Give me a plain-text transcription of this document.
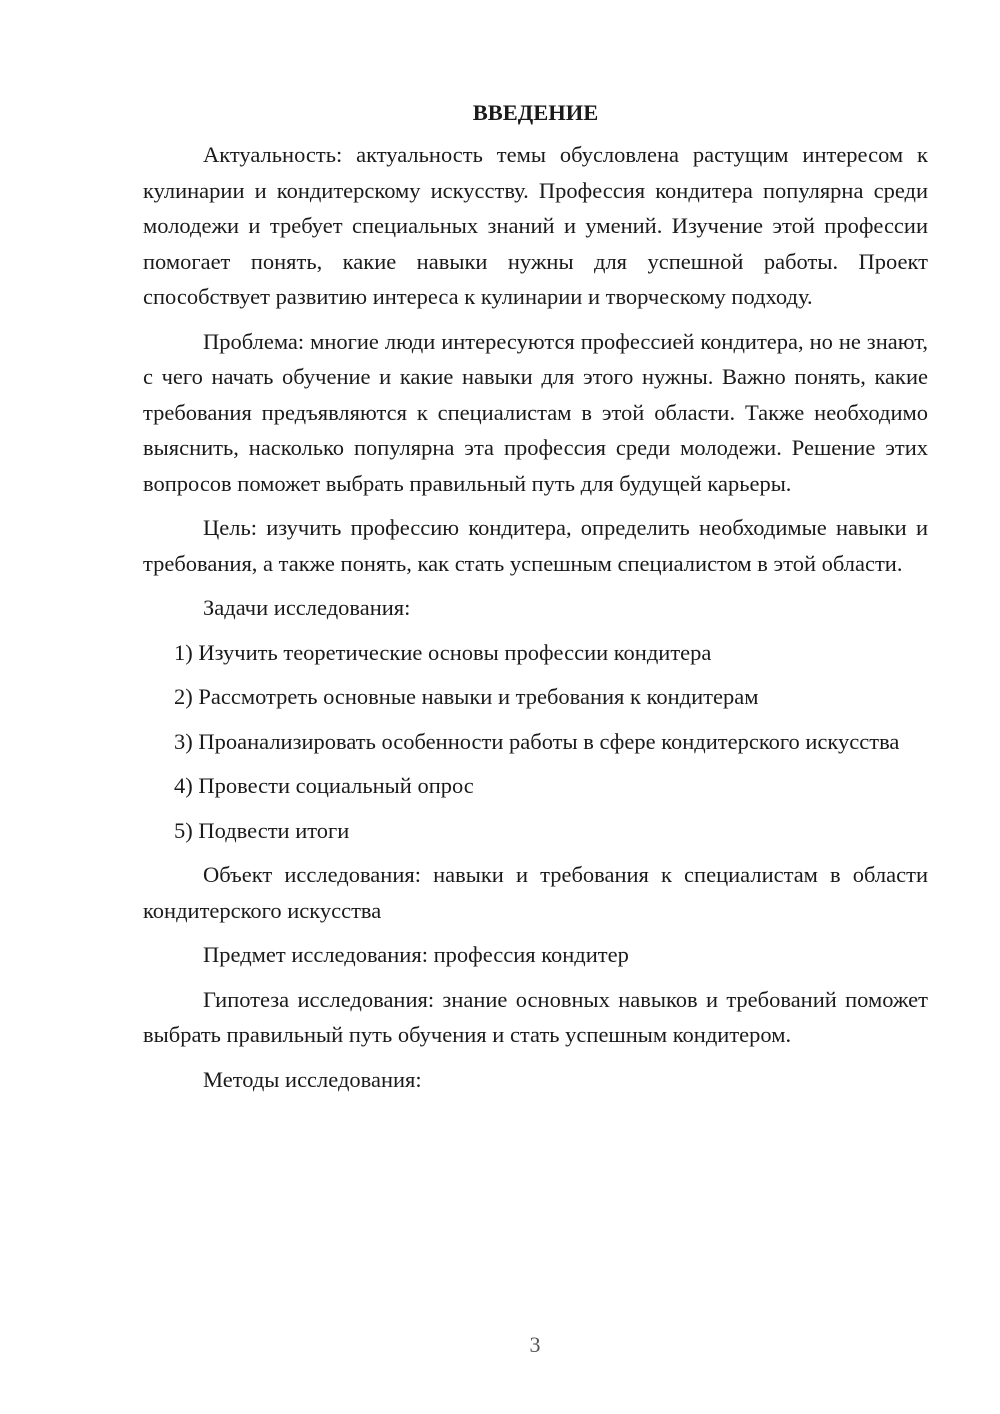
ВВЕДЕНИЕ

Актуальность: актуальность темы обусловлена растущим интересом к кулинарии и кондитерскому искусству. Профессия кондитера популярна среди молодежи и требует специальных знаний и умений. Изучение этой профессии помогает понять, какие навыки нужны для успешной работы. Проект способствует развитию интереса к кулинарии и творческому подходу.

Проблема: многие люди интересуются профессией кондитера, но не знают, с чего начать обучение и какие навыки для этого нужны. Важно понять, какие требования предъявляются к специалистам в этой области. Также необходимо выяснить, насколько популярна эта профессия среди молодежи. Решение этих вопросов поможет выбрать правильный путь для будущей карьеры.

Цель: изучить профессию кондитера, определить необходимые навыки и требования, а также понять, как стать успешным специалистом в этой области.

Задачи исследования:

1) Изучить теоретические основы профессии кондитера

2) Рассмотреть основные навыки и требования к кондитерам

3) Проанализировать особенности работы в сфере кондитерского искусства

4) Провести социальный опрос

5) Подвести итоги

Объект исследования: навыки и требования к специалистам в области кондитерского искусства

Предмет исследования: профессия кондитер

Гипотеза исследования: знание основных навыков и требований поможет выбрать правильный путь обучения и стать успешным кондитером.

Методы исследования:

3
